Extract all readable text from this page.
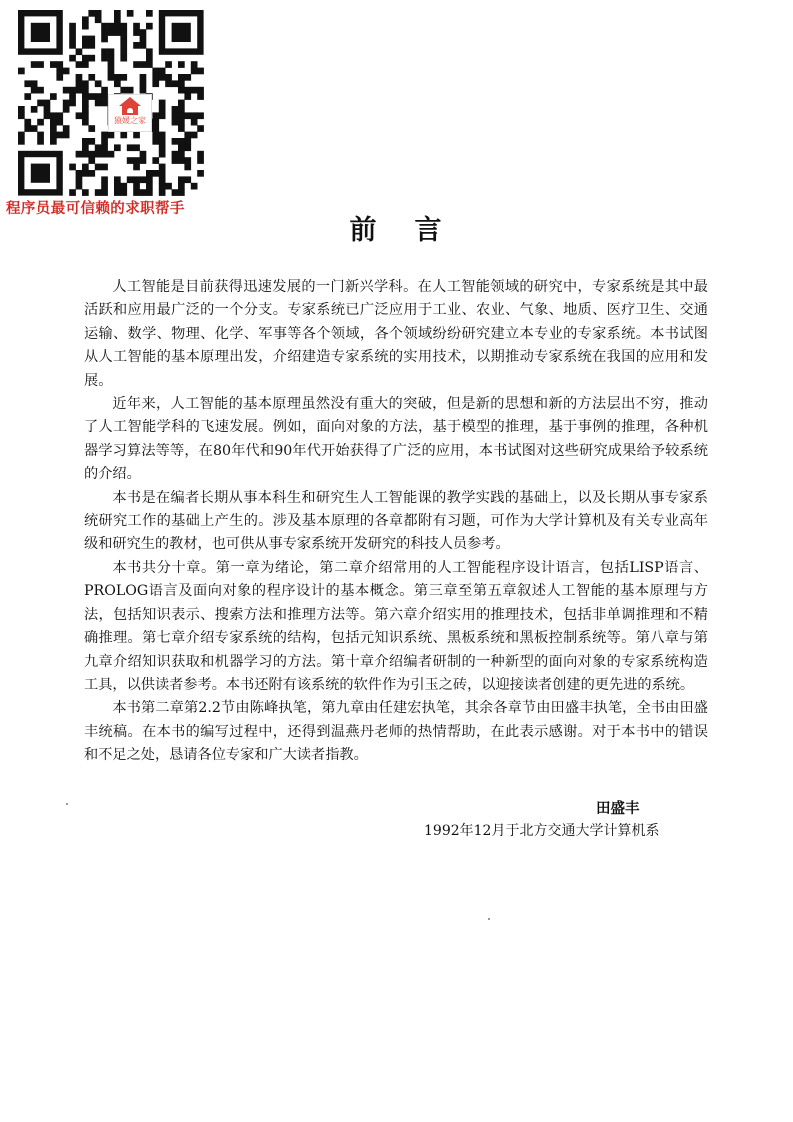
猿媛之家
程序员最可信赖的求职帮手
前言

人工智能是目前获得迅速发展的一门新兴学科。在人工智能领域的研究中，专家系统是其中最活跃和应用最广泛的一个分支。专家系统已广泛应用于工业、农业、气象、地质、医疗卫生、交通运输、数学、物理、化学、军事等各个领域，各个领域纷纷研究建立本专业的专家系统。本书试图从人工智能的基本原理出发，介绍建造专家系统的实用技术，以期推动专家系统在我国的应用和发展。

近年来，人工智能的基本原理虽然没有重大的突破，但是新的思想和新的方法层出不穷，推动了人工智能学科的飞速发展。例如，面向对象的方法，基于模型的推理，基于事例的推理，各种机器学习算法等等，在80年代和90年代开始获得了广泛的应用，本书试图对这些研究成果给予较系统的介绍。

本书是在编者长期从事本科生和研究生人工智能课的教学实践的基础上，以及长期从事专家系统研究工作的基础上产生的。涉及基本原理的各章都附有习题，可作为大学计算机及有关专业高年级和研究生的教材，也可供从事专家系统开发研究的科技人员参考。

本书共分十章。第一章为绪论，第二章介绍常用的人工智能程序设计语言，包括LISP语言、PROLOG语言及面向对象的程序设计的基本概念。第三章至第五章叙述人工智能的基本原理与方法，包括知识表示、搜索方法和推理方法等。第六章介绍实用的推理技术，包括非单调推理和不精确推理。第七章介绍专家系统的结构，包括元知识系统、黑板系统和黑板控制系统等。第八章与第九章介绍知识获取和机器学习的方法。第十章介绍编者研制的一种新型的面向对象的专家系统构造工具，以供读者参考。本书还附有该系统的软件作为引玉之砖，以迎接读者创建的更先进的系统。

本书第二章第2.2节由陈峰执笔，第九章由任建宏执笔，其余各章节由田盛丰执笔，全书由田盛丰统稿。在本书的编写过程中，还得到温燕丹老师的热情帮助，在此表示感谢。对于本书中的错误和不足之处，恳请各位专家和广大读者指教。

田盛丰
1992年12月于北方交通大学计算机系
